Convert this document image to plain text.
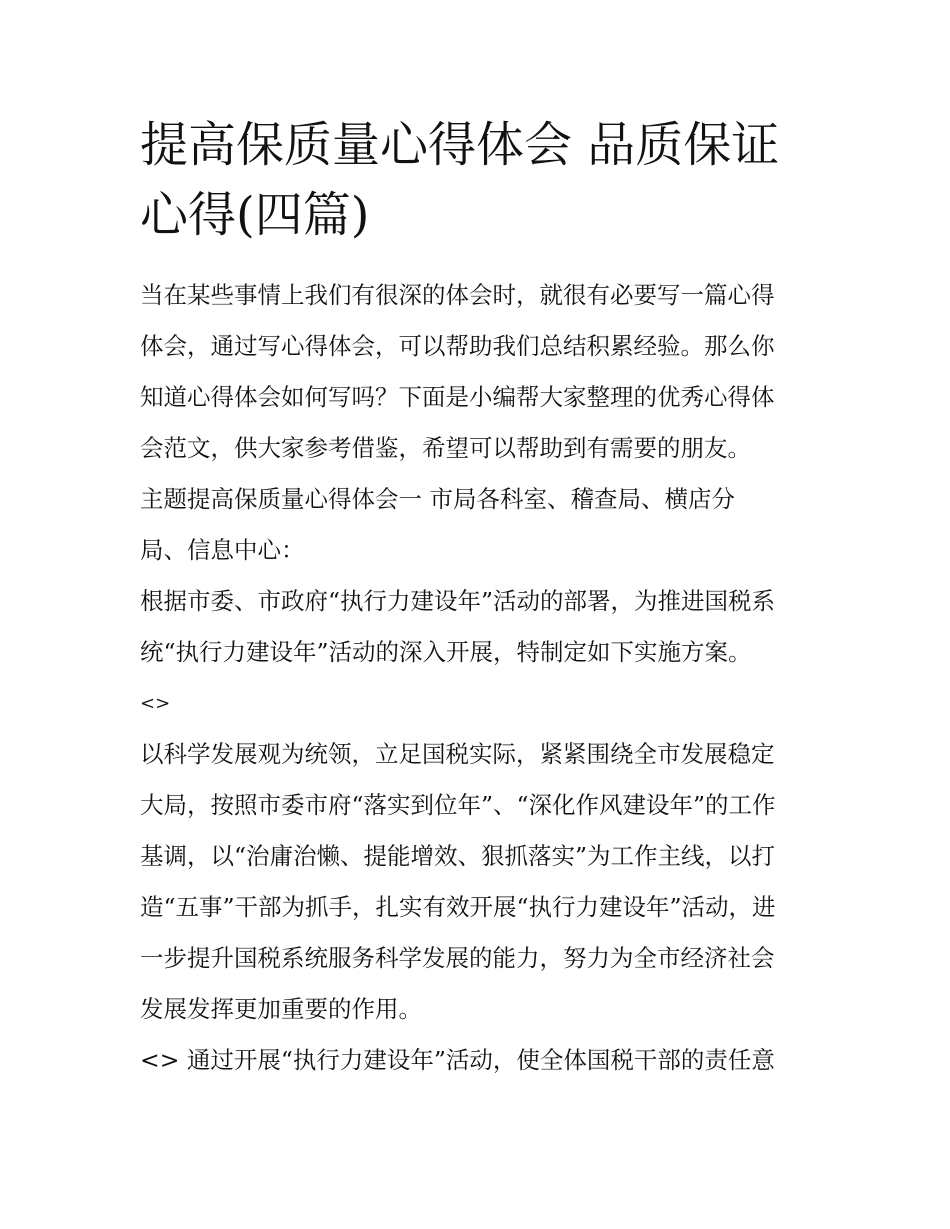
提高保质量心得体会 品质保证
心得(四篇)

当在某些事情上我们有很深的体会时，就很有必要写一篇心得
体会，通过写心得体会，可以帮助我们总结积累经验。那么你
知道心得体会如何写吗？下面是小编帮大家整理的优秀心得体
会范文，供大家参考借鉴，希望可以帮助到有需要的朋友。

主题提高保质量心得体会一 市局各科室、稽查局、横店分
局、信息中心：

根据市委、市政府“执行力建设年”活动的部署，为推进国税系
统“执行力建设年”活动的深入开展，特制定如下实施方案。

<>

以科学发展观为统领，立足国税实际，紧紧围绕全市发展稳定
大局，按照市委市府“落实到位年”、“深化作风建设年”的工作
基调，以“治庸治懒、提能增效、狠抓落实”为工作主线，以打
造“五事”干部为抓手，扎实有效开展“执行力建设年”活动，进
一步提升国税系统服务科学发展的能力，努力为全市经济社会
发展发挥更加重要的作用。

<> 通过开展“执行力建设年”活动，使全体国税干部的责任意
